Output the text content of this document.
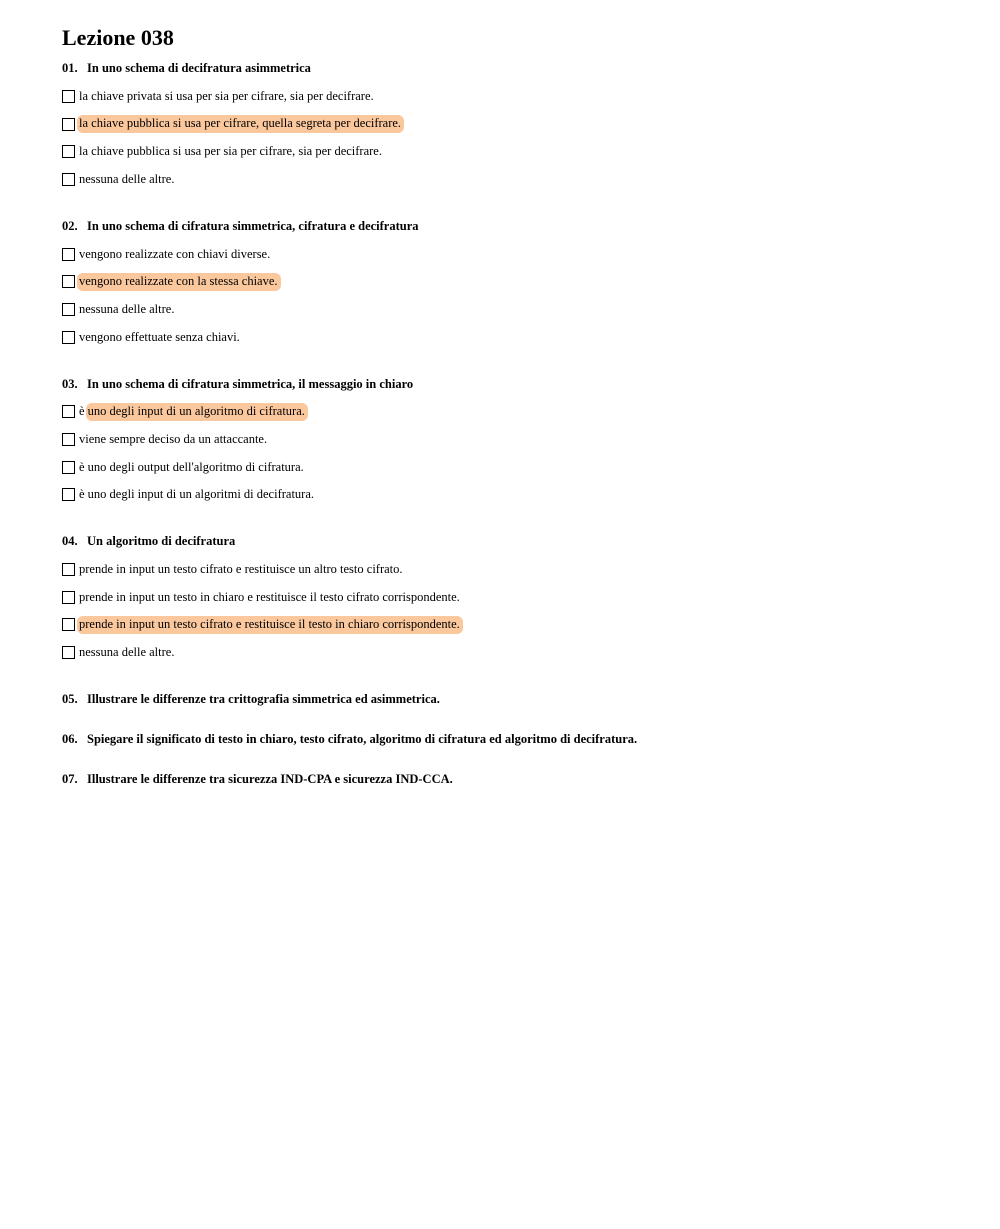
Lezione 038
01. In uno schema di decifratura asimmetrica
la chiave privata si usa per sia per cifrare, sia per decifrare.
la chiave pubblica si usa per cifrare, quella segreta per decifrare.
la chiave pubblica si usa per sia per cifrare, sia per decifrare.
nessuna delle altre.
02. In uno schema di cifratura simmetrica, cifratura e decifratura
vengono realizzate con chiavi diverse.
vengono realizzate con la stessa chiave.
nessuna delle altre.
vengono effettuate senza chiavi.
03. In uno schema di cifratura simmetrica, il messaggio in chiaro
è uno degli input di un algoritmo di cifratura.
viene sempre deciso da un attaccante.
è uno degli output dell'algoritmo di cifratura.
è uno degli input di un algoritmi di decifratura.
04. Un algoritmo di decifratura
prende in input un testo cifrato e restituisce un altro testo cifrato.
prende in input un testo in chiaro e restituisce il testo cifrato corrispondente.
prende in input un testo cifrato e restituisce il testo in chiaro corrispondente.
nessuna delle altre.
05. Illustrare le differenze tra crittografia simmetrica ed asimmetrica.
06. Spiegare il significato di testo in chiaro, testo cifrato, algoritmo di cifratura ed algoritmo di decifratura.
07. Illustrare le differenze tra sicurezza IND-CPA e sicurezza IND-CCA.
